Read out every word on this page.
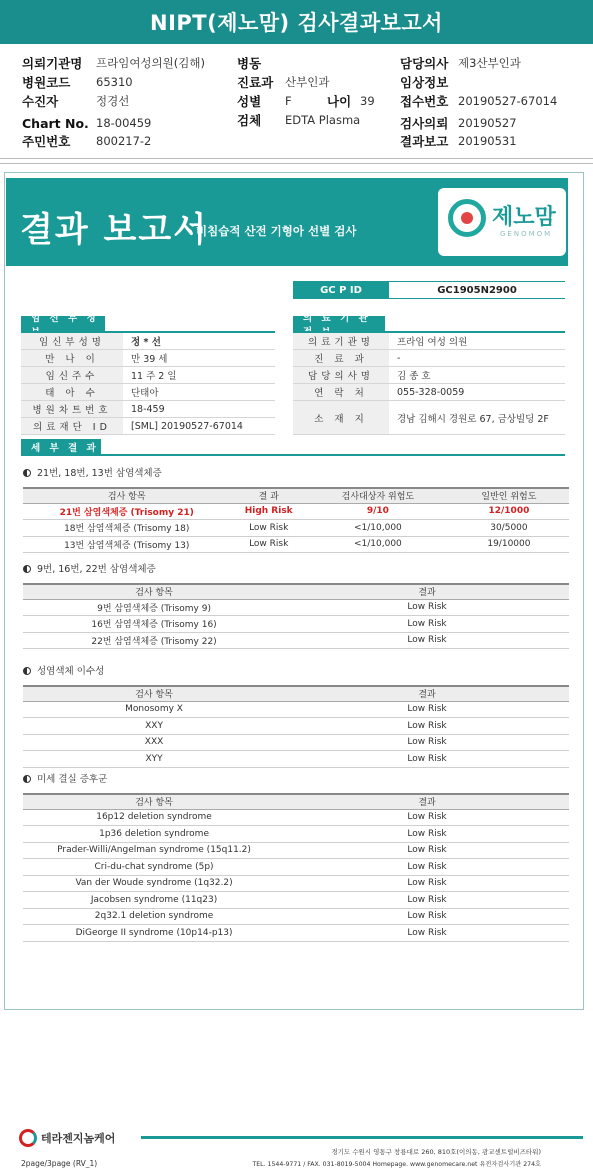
NIPT(제노맘) 검사결과보고서
의뢰기관명 프라임여성의원(김해)
병원코드 65310
수진자	정경선
Chart No. 18-00459
주민번호 800217-2
병동
진료과 산부인과
성별 F	나이 39
검체 EDTA Plasma
담당의사 제3산부인과
임상정보
접수번호 20190527-67014
검사의뢰 20190527
결과보고 20190531
결과 보고서
비침습적 산전 기형아 선별 검사
제노맘
GENOMOM
GC P ID	GC1905N2900
임 신 부 정
임신부성명	정 * 선
만 나 이	만 39 세
임신주수	11 주 2 일
태 아 수	단태아
병원차트번호	18-459
의료재단 ID	[SML] 20190527-67014
의 료 기 관
의료기관명	프라임 여성 의원
진 료 과	-
담당의사명	김 종 호
연 락 처	055-328-0059
소 재 지	경남 김해시 경원로 67, 금상빌딩 2F
세 부 결 과
21번, 18번, 13번 삼염색체증
검사 항목	결 과	검사대상자 위험도	일반인 위험도
21번 삼염색체증 (Trisomy 21)	High Risk	9/10	12/1000
18번 삼염색체증 (Trisomy 18)	Low Risk	<1/10,000	30/5000
13번 삼염색체증 (Trisomy 13)	Low Risk	<1/10,000	19/10000
9번, 16번, 22번 삼염색체증
검사 항목	결과
9번 삼염색체증 (Trisomy 9)	Low Risk
16번 삼염색체증 (Trisomy 16)	Low Risk
22번 삼염색체증 (Trisomy 22)	Low Risk
성염색체 이수성
검사 항목	결과
Monosomy X	Low Risk
XXY	Low Risk
XXX	Low Risk
XYY	Low Risk
미세 결실 증후군
검사 항목	결과
16p12 deletion syndrome	Low Risk
1p36 deletion syndrome	Low Risk
Prader-Willi/Angelman syndrome (15q11.2)	Low Risk
Cri-du-chat syndrome (5p)	Low Risk
Van der Woude syndrome (1q32.2)	Low Risk
Jacobsen syndrome (11q23)	Low Risk
2q32.1 deletion syndrome	Low Risk
DiGeorge II syndrome (10p14-p13)	Low Risk
테라젠지놈케어
경기도 수원시 영통구 창룡대로 260, 810호(이의동, 광교센트럴비즈타워)
TEL. 1544-9771 / FAX. 031-8019-5004 Homepage. www.genomecare.net 유전자검사기관 274호
2page/3page (RV_1)
